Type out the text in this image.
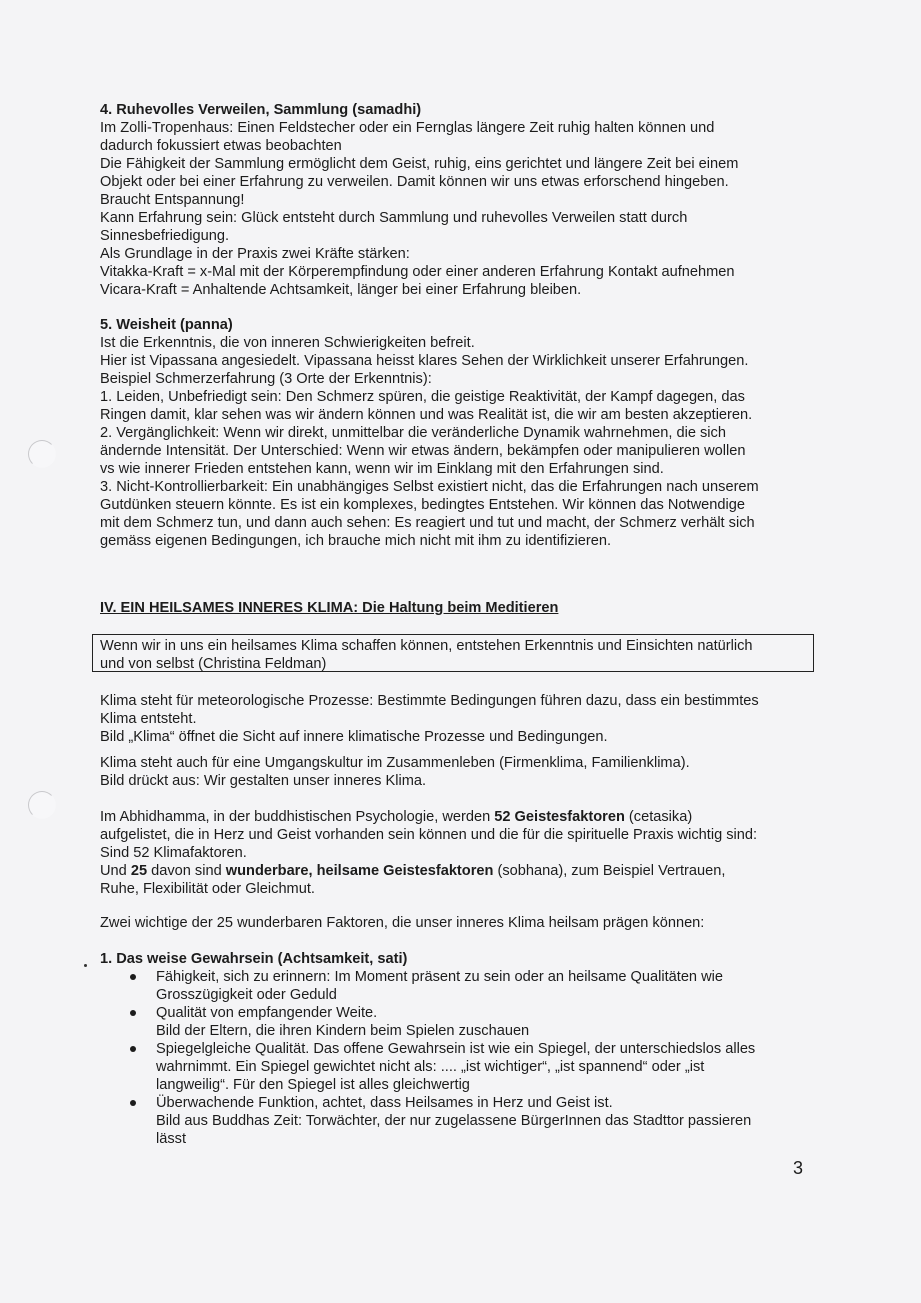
4. Ruhevolles Verweilen, Sammlung (samadhi)
Im Zolli-Tropenhaus: Einen Feldstecher oder ein Fernglas längere Zeit ruhig halten können und
dadurch fokussiert etwas beobachten
Die Fähigkeit der Sammlung ermöglicht dem Geist, ruhig, eins gerichtet und längere Zeit bei einem
Objekt oder bei einer Erfahrung zu verweilen. Damit können wir uns etwas erforschend hingeben.
Braucht Entspannung!
Kann Erfahrung sein: Glück entsteht durch Sammlung und ruhevolles Verweilen statt durch
Sinnesbefriedigung.
Als Grundlage in der Praxis zwei Kräfte stärken:
Vitakka-Kraft = x-Mal mit der Körperempfindung oder einer anderen Erfahrung Kontakt aufnehmen
Vicara-Kraft = Anhaltende Achtsamkeit, länger bei einer Erfahrung bleiben.
5. Weisheit (panna)
Ist die Erkenntnis, die von inneren Schwierigkeiten befreit.
Hier ist Vipassana angesiedelt. Vipassana heisst klares Sehen der Wirklichkeit unserer Erfahrungen.
Beispiel Schmerzerfahrung (3 Orte der Erkenntnis):
1. Leiden, Unbefriedigt sein: Den Schmerz spüren, die geistige Reaktivität, der Kampf dagegen, das
Ringen damit, klar sehen was wir ändern können und was Realität ist, die wir am besten akzeptieren.
2. Vergänglichkeit: Wenn wir direkt, unmittelbar die veränderliche Dynamik wahrnehmen, die sich
ändernde Intensität. Der Unterschied: Wenn wir etwas ändern, bekämpfen oder manipulieren wollen
vs wie innerer Frieden entstehen kann, wenn wir im Einklang mit den Erfahrungen sind.
3. Nicht-Kontrollierbarkeit: Ein unabhängiges Selbst existiert nicht, das die Erfahrungen nach unserem
Gutdünken steuern könnte. Es ist ein komplexes, bedingtes Entstehen. Wir können das Notwendige
mit dem Schmerz tun, und dann auch sehen: Es reagiert und tut und macht, der Schmerz verhält sich
gemäss eigenen Bedingungen, ich brauche mich nicht mit ihm zu identifizieren.
IV. EIN HEILSAMES INNERES KLIMA: Die Haltung beim Meditieren
Wenn wir in uns ein heilsames Klima schaffen können, entstehen Erkenntnis und Einsichten natürlich
und von selbst (Christina Feldman)
Klima steht für meteorologische Prozesse: Bestimmte Bedingungen führen dazu, dass ein bestimmtes
Klima entsteht.
Bild „Klima“ öffnet die Sicht auf innere klimatische Prozesse und Bedingungen.
Klima steht auch für eine Umgangskultur im Zusammenleben (Firmenklima, Familienklima).
Bild drückt aus: Wir gestalten unser inneres Klima.
Im Abhidhamma, in der buddhistischen Psychologie, werden 52 Geistesfaktoren (cetasika)
aufgelistet, die in Herz und Geist vorhanden sein können und die für die spirituelle Praxis wichtig sind:
Sind 52 Klimafaktoren.
Und 25 davon sind wunderbare, heilsame Geistesfaktoren (sobhana), zum Beispiel Vertrauen,
Ruhe, Flexibilität oder Gleichmut.
Zwei wichtige der 25 wunderbaren Faktoren, die unser inneres Klima heilsam prägen können:
1. Das weise Gewahrsein (Achtsamkeit, sati)
Fähigkeit, sich zu erinnern: Im Moment präsent zu sein oder an heilsame Qualitäten wie
Grosszügigkeit oder Geduld
Qualität von empfangender Weite.
Bild der Eltern, die ihren Kindern beim Spielen zuschauen
Spiegelgleiche Qualität. Das offene Gewahrsein ist wie ein Spiegel, der unterschiedslos alles
wahrnimmt. Ein Spiegel gewichtet nicht als: .... „ist wichtiger“, „ist spannend“ oder „ist
langweilig“. Für den Spiegel ist alles gleichwertig
Überwachende Funktion, achtet, dass Heilsames in Herz und Geist ist.
Bild aus Buddhas Zeit: Torwächter, der nur zugelassene BürgerInnen das Stadttor passieren
lässt
3
